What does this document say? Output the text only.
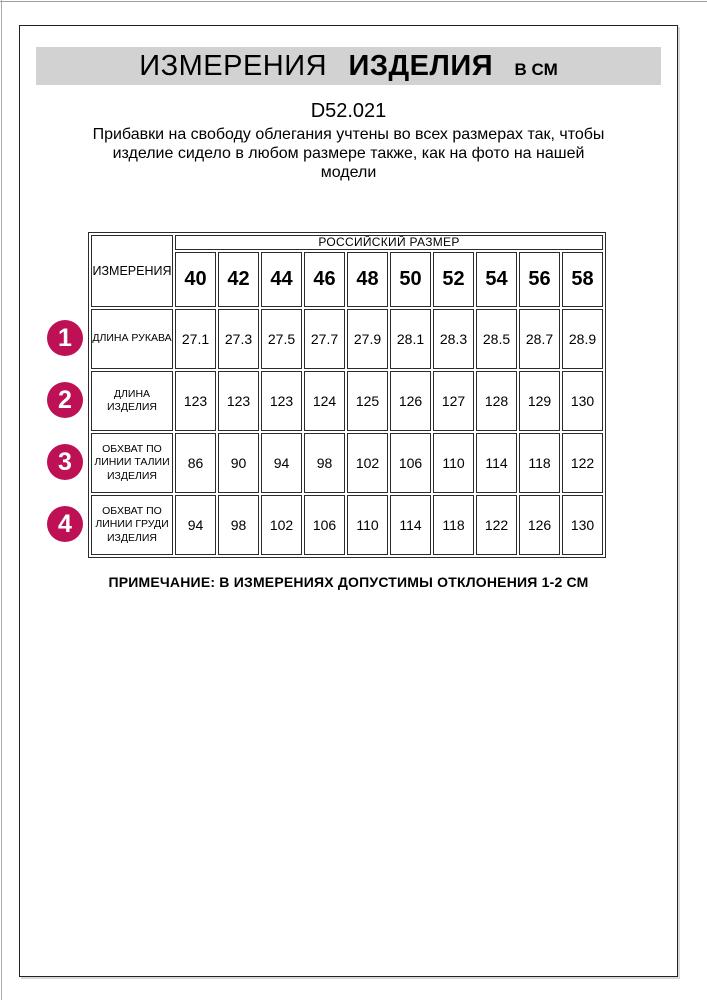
ИЗМЕРЕНИЯ ИЗДЕЛИЯ В СМ
D52.021
Прибавки на свободу облегания учтены во всех размерах так, чтобы
изделие сидело в любом размере также, как на фото на нашей
модели
ИЗМЕРЕНИЯ	РОССИЙСКИЙ РАЗМЕР									
	40	42	44	46	48	50	52	54	56	58
ДЛИНА РУКАВА	27.1	27.3	27.5	27.7	27.9	28.1	28.3	28.5	28.7	28.9
ДЛИНА ИЗДЕЛИЯ	123	123	123	124	125	126	127	128	129	130
ОБХВАТ ПО ЛИНИИ ТАЛИИ ИЗДЕЛИЯ	86	90	94	98	102	106	110	114	118	122
ОБХВАТ ПО ЛИНИИ ГРУДИ ИЗДЕЛИЯ	94	98	102	106	110	114	118	122	126	130
1
2
3
4
ПРИМЕЧАНИЕ: В ИЗМЕРЕНИЯХ ДОПУСТИМЫ ОТКЛОНЕНИЯ 1-2 СМ
